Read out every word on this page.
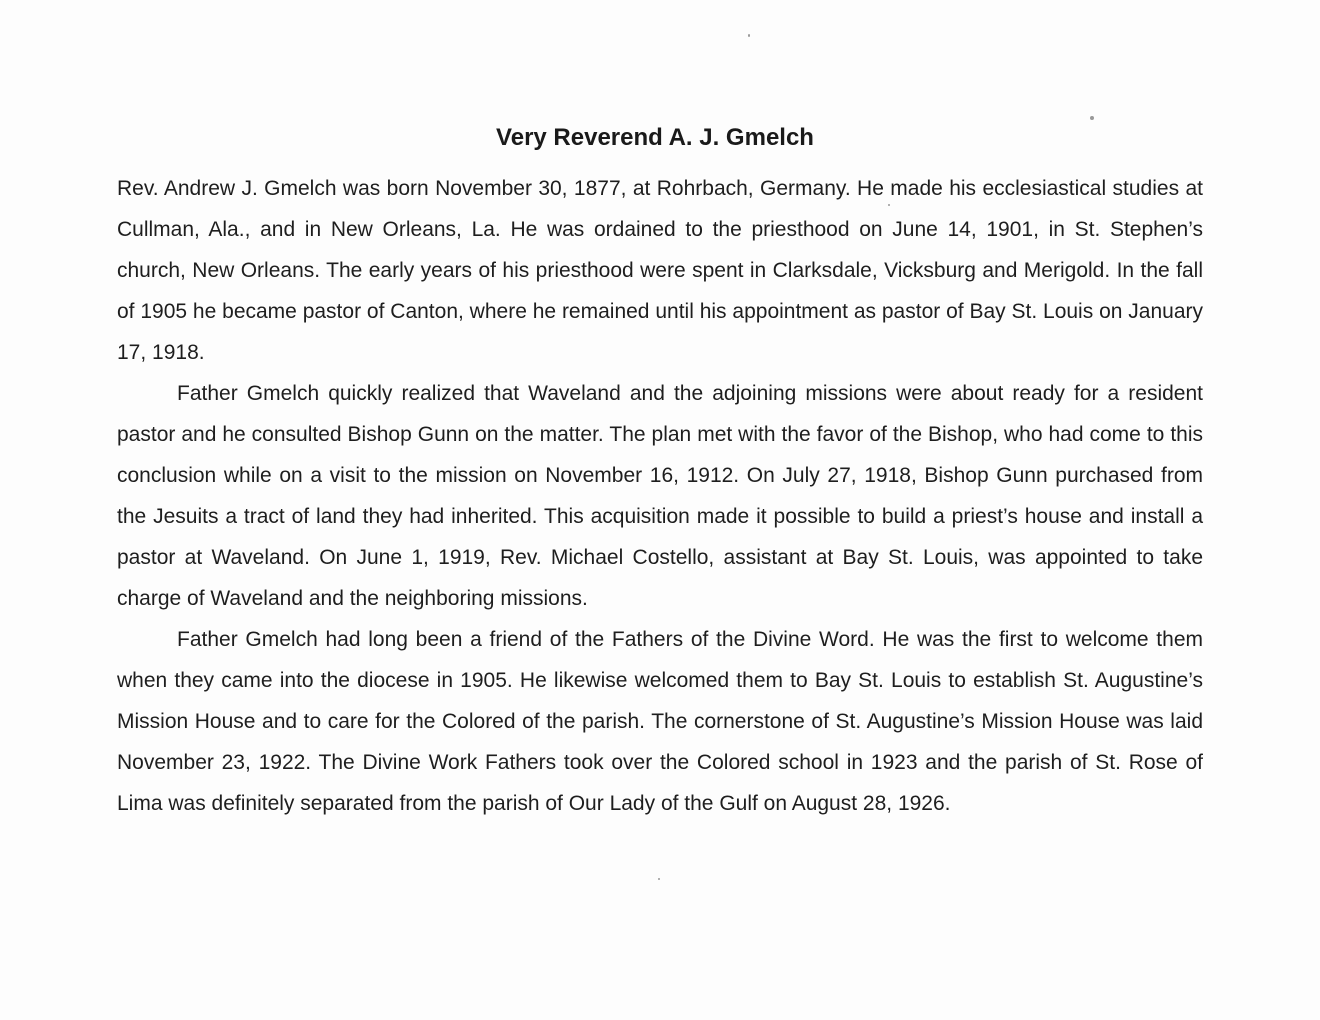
Very Reverend A. J. Gmelch

Rev. Andrew J. Gmelch was born November 30, 1877, at Rohrbach, Germany. He made his ecclesiastical studies at Cullman, Ala., and in New Orleans, La. He was ordained to the priesthood on June 14, 1901, in St. Stephen’s church, New Orleans. The early years of his priesthood were spent in Clarksdale, Vicksburg and Merigold. In the fall of 1905 he became pastor of Canton, where he remained until his appointment as pastor of Bay St. Louis on January 17, 1918.

Father Gmelch quickly realized that Waveland and the adjoining missions were about ready for a resident pastor and he consulted Bishop Gunn on the matter. The plan met with the favor of the Bishop, who had come to this conclusion while on a visit to the mission on November 16, 1912. On July 27, 1918, Bishop Gunn purchased from the Jesuits a tract of land they had inherited. This acquisition made it possible to build a priest’s house and install a pastor at Waveland. On June 1, 1919, Rev. Michael Costello, assistant at Bay St. Louis, was appointed to take charge of Waveland and the neighboring missions.

Father Gmelch had long been a friend of the Fathers of the Divine Word. He was the first to welcome them when they came into the diocese in 1905. He likewise welcomed them to Bay St. Louis to establish St. Augustine’s Mission House and to care for the Colored of the parish. The cornerstone of St. Augustine’s Mission House was laid November 23, 1922. The Divine Work Fathers took over the Colored school in 1923 and the parish of St. Rose of Lima was definitely separated from the parish of Our Lady of the Gulf on August 28, 1926.
